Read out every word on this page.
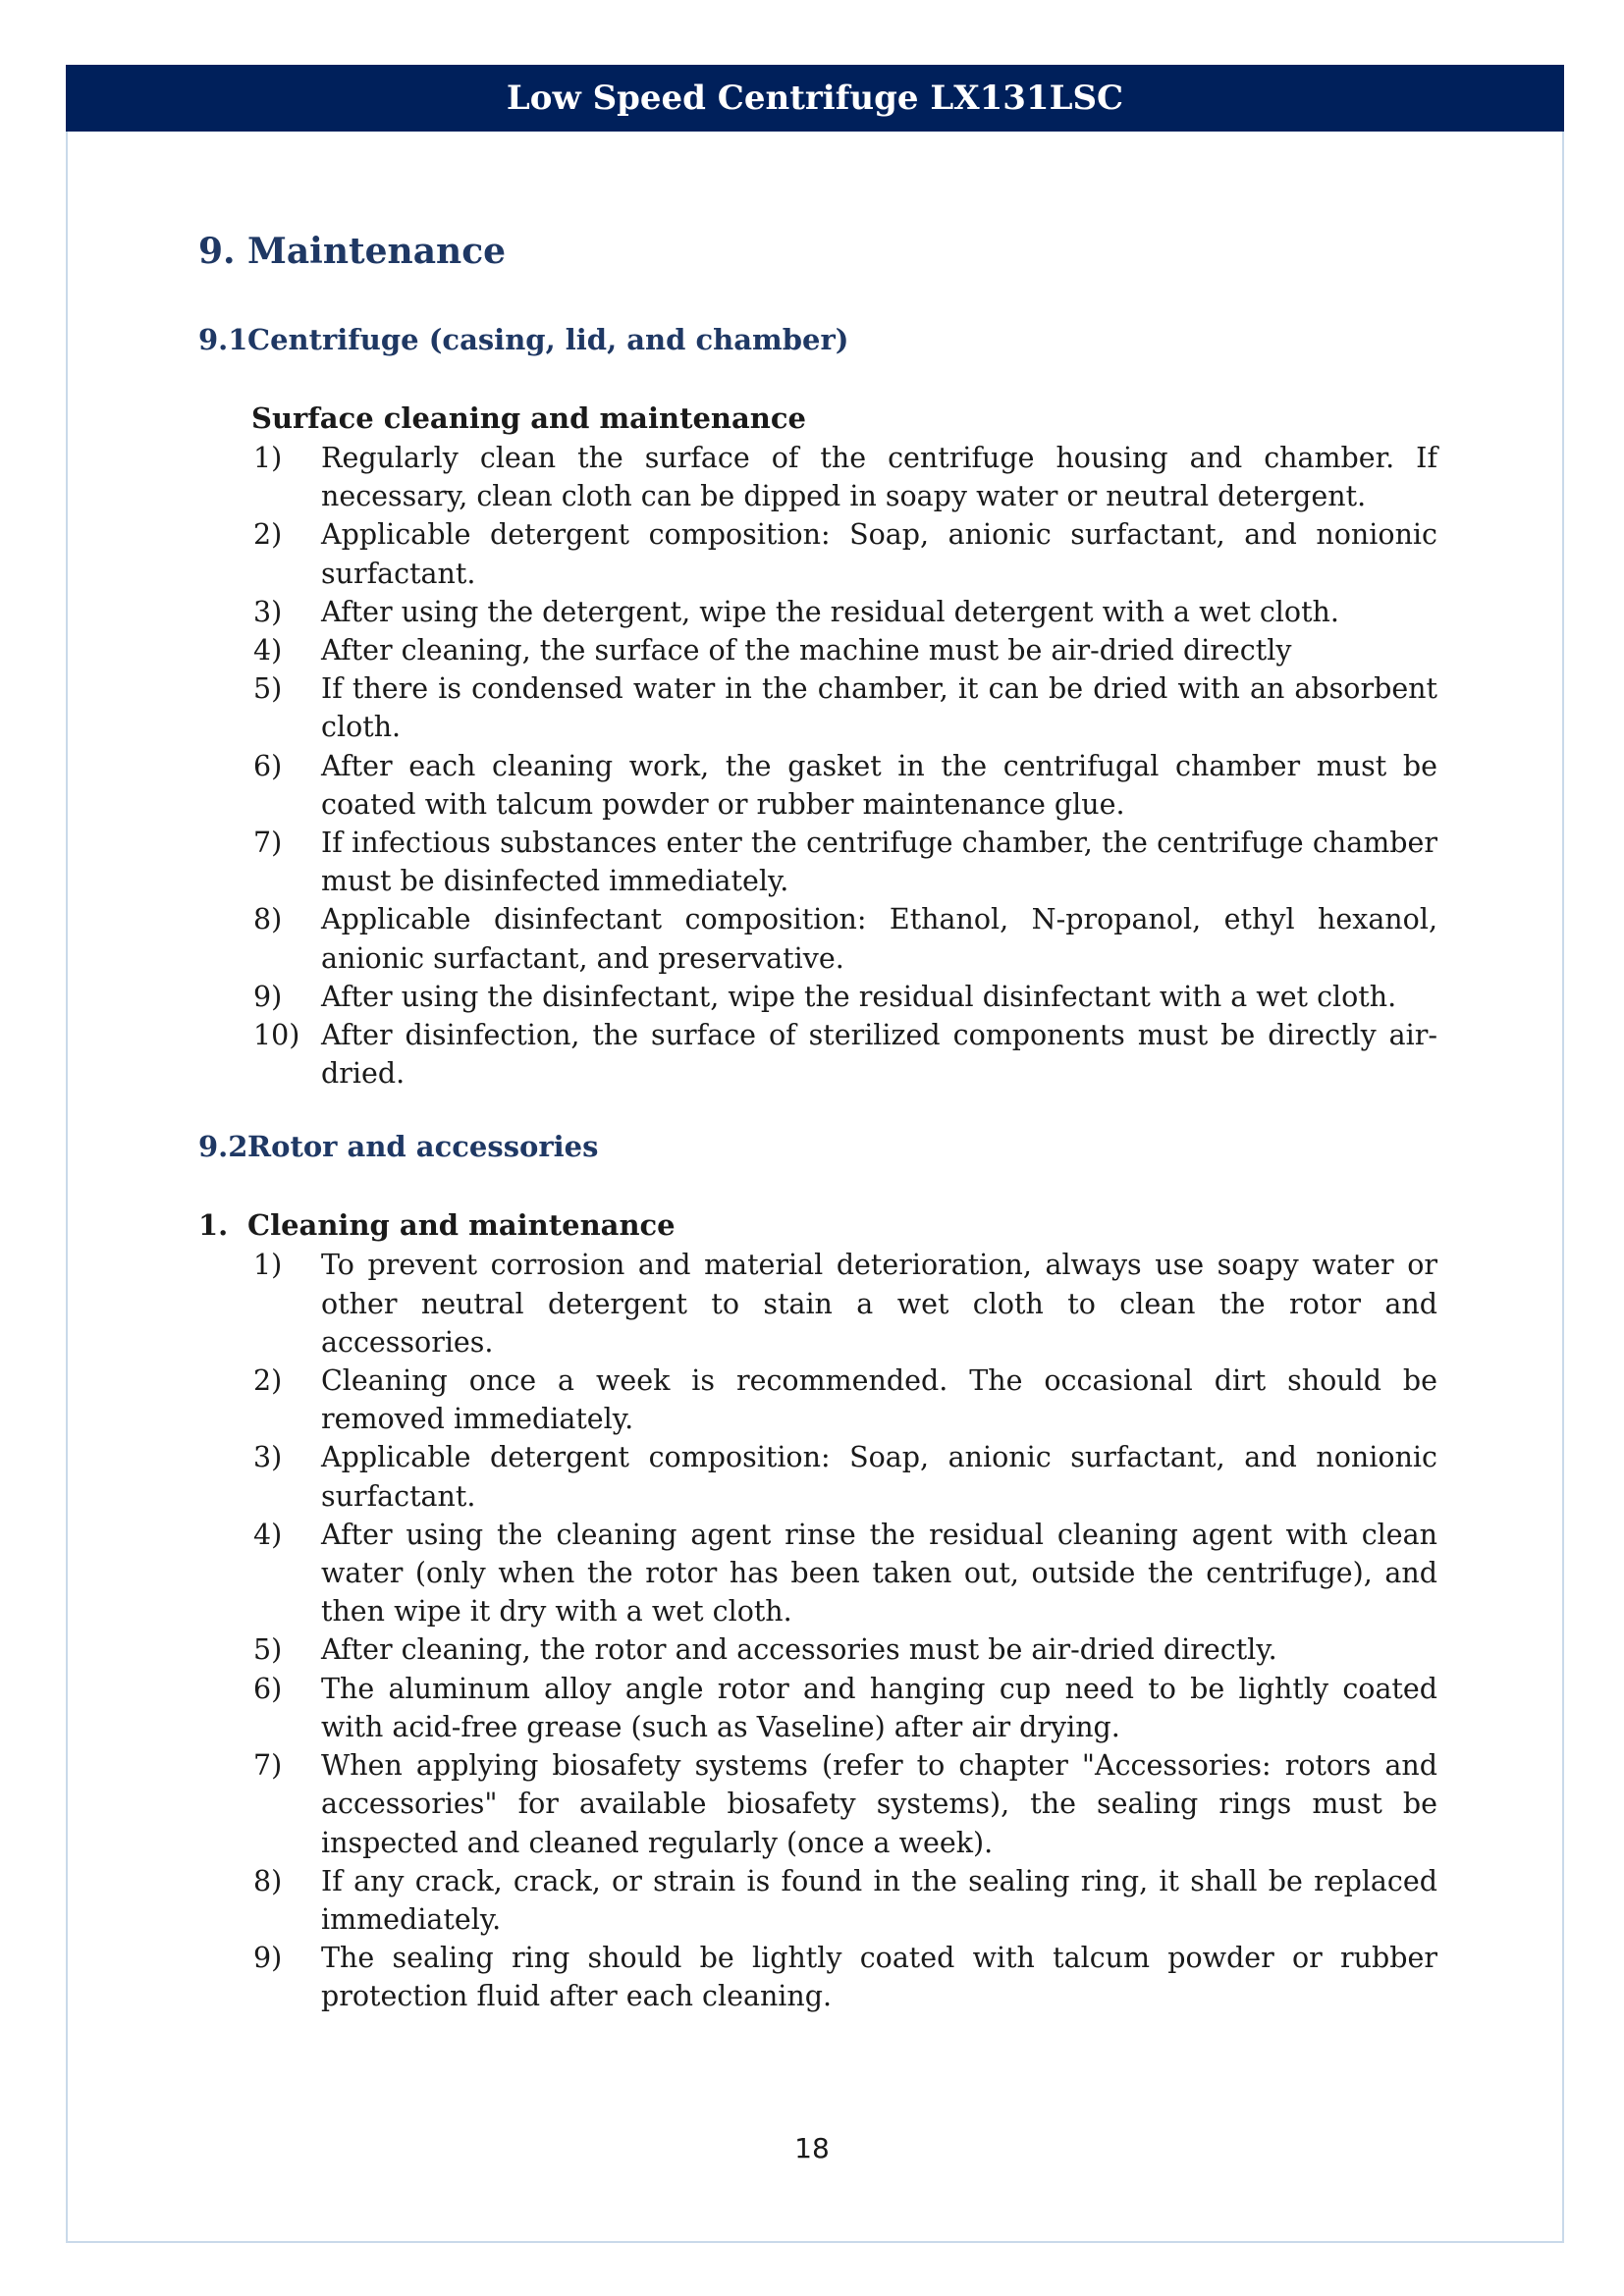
Low Speed Centrifuge LX131LSC
9. Maintenance
9.1Centrifuge (casing, lid, and chamber)
Surface cleaning and maintenance
1) Regularly clean the surface of the centrifuge housing and chamber. If necessary, clean cloth can be dipped in soapy water or neutral detergent.
2) Applicable detergent composition: Soap, anionic surfactant, and nonionic surfactant.
3) After using the detergent, wipe the residual detergent with a wet cloth.
4) After cleaning, the surface of the machine must be air-dried directly
5) If there is condensed water in the chamber, it can be dried with an absorbent cloth.
6) After each cleaning work, the gasket in the centrifugal chamber must be coated with talcum powder or rubber maintenance glue.
7) If infectious substances enter the centrifuge chamber, the centrifuge chamber must be disinfected immediately.
8) Applicable disinfectant composition: Ethanol, N-propanol, ethyl hexanol, anionic surfactant, and preservative.
9) After using the disinfectant, wipe the residual disinfectant with a wet cloth.
10) After disinfection, the surface of sterilized components must be directly air-dried.
9.2Rotor and accessories
1. Cleaning and maintenance
1) To prevent corrosion and material deterioration, always use soapy water or other neutral detergent to stain a wet cloth to clean the rotor and accessories.
2) Cleaning once a week is recommended. The occasional dirt should be removed immediately.
3) Applicable detergent composition: Soap, anionic surfactant, and nonionic surfactant.
4) After using the cleaning agent rinse the residual cleaning agent with clean water (only when the rotor has been taken out, outside the centrifuge), and then wipe it dry with a wet cloth.
5) After cleaning, the rotor and accessories must be air-dried directly.
6) The aluminum alloy angle rotor and hanging cup need to be lightly coated with acid-free grease (such as Vaseline) after air drying.
7) When applying biosafety systems (refer to chapter "Accessories: rotors and accessories" for available biosafety systems), the sealing rings must be inspected and cleaned regularly (once a week).
8) If any crack, crack, or strain is found in the sealing ring, it shall be replaced immediately.
9) The sealing ring should be lightly coated with talcum powder or rubber protection fluid after each cleaning.
18
